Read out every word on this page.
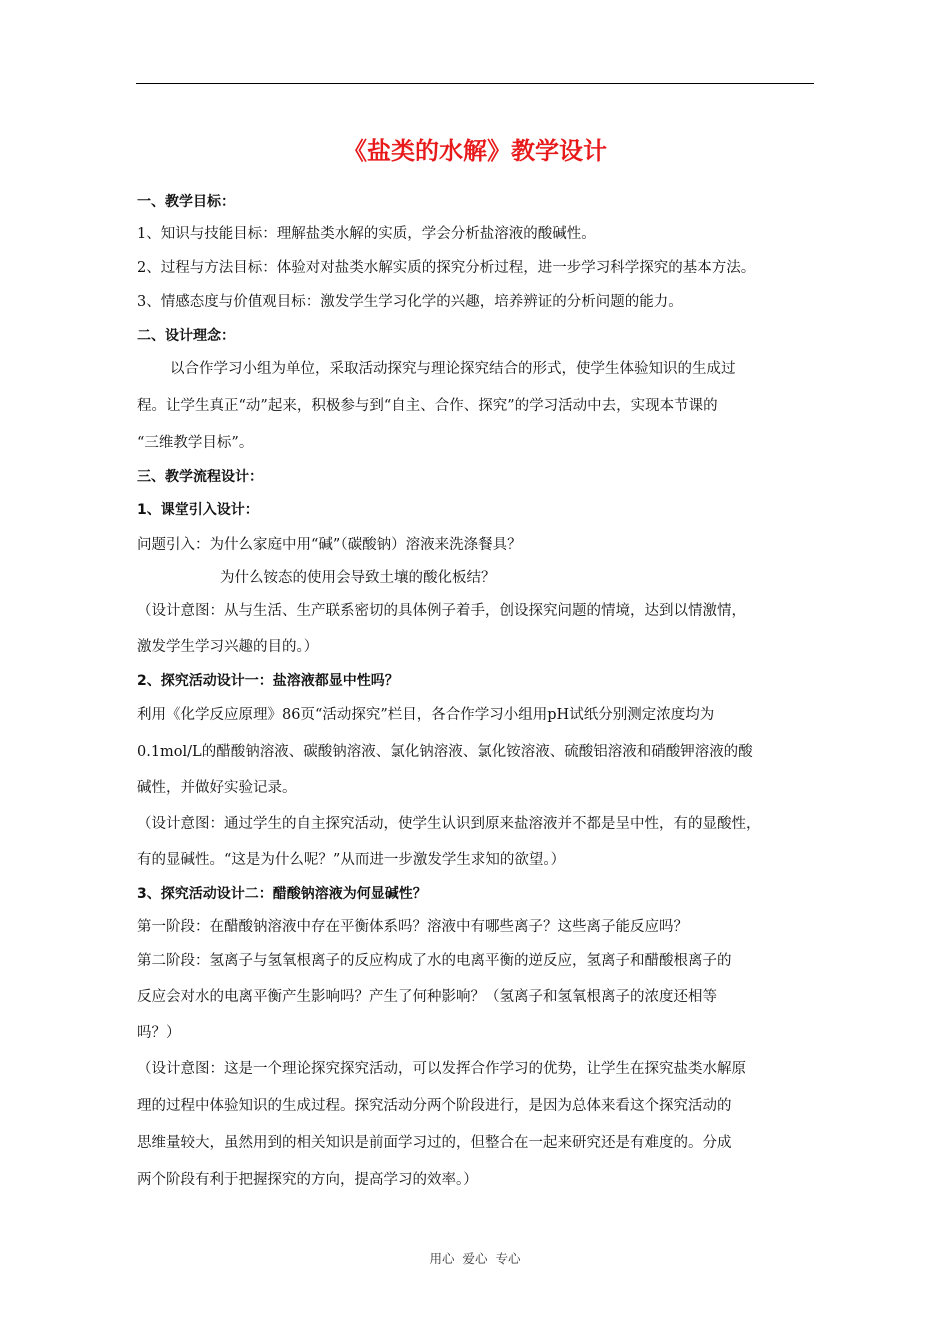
《盐类的水解》教学设计
一、教学目标：
1、知识与技能目标：理解盐类水解的实质，学会分析盐溶液的酸碱性。
2、过程与方法目标：体验对对盐类水解实质的探究分析过程，进一步学习科学探究的基本方法。
3、情感态度与价值观目标：激发学生学习化学的兴趣，培养辨证的分析问题的能力。
二、设计理念：
以合作学习小组为单位，采取活动探究与理论探究结合的形式，使学生体验知识的生成过
程。让学生真正“动”起来，积极参与到“自主、合作、探究”的学习活动中去，实现本节课的
“三维教学目标”。
三、教学流程设计：
1、课堂引入设计：
问题引入：为什么家庭中用“碱”（碳酸钠）溶液来洗涤餐具？
为什么铵态的使用会导致土壤的酸化板结？
（设计意图：从与生活、生产联系密切的具体例子着手，创设探究问题的情境，达到以情激情，
激发学生学习兴趣的目的。）
2、探究活动设计一：盐溶液都显中性吗？
利用《化学反应原理》86页“活动探究”栏目，各合作学习小组用pH试纸分别测定浓度均为
0.1mol/L的醋酸钠溶液、碳酸钠溶液、氯化钠溶液、氯化铵溶液、硫酸铝溶液和硝酸钾溶液的酸
碱性，并做好实验记录。
（设计意图：通过学生的自主探究活动，使学生认识到原来盐溶液并不都是呈中性，有的显酸性，
有的显碱性。“这是为什么呢？”从而进一步激发学生求知的欲望。）
3、探究活动设计二：醋酸钠溶液为何显碱性？
第一阶段：在醋酸钠溶液中存在平衡体系吗？溶液中有哪些离子？这些离子能反应吗？
第二阶段：氢离子与氢氧根离子的反应构成了水的电离平衡的逆反应，氢离子和醋酸根离子的
反应会对水的电离平衡产生影响吗？产生了何种影响？（氢离子和氢氧根离子的浓度还相等
吗？）
（设计意图：这是一个理论探究探究活动，可以发挥合作学习的优势，让学生在探究盐类水解原
理的过程中体验知识的生成过程。探究活动分两个阶段进行，是因为总体来看这个探究活动的
思维量较大，虽然用到的相关知识是前面学习过的，但整合在一起来研究还是有难度的。分成
两个阶段有利于把握探究的方向，提高学习的效率。）
用心  爱心  专心
